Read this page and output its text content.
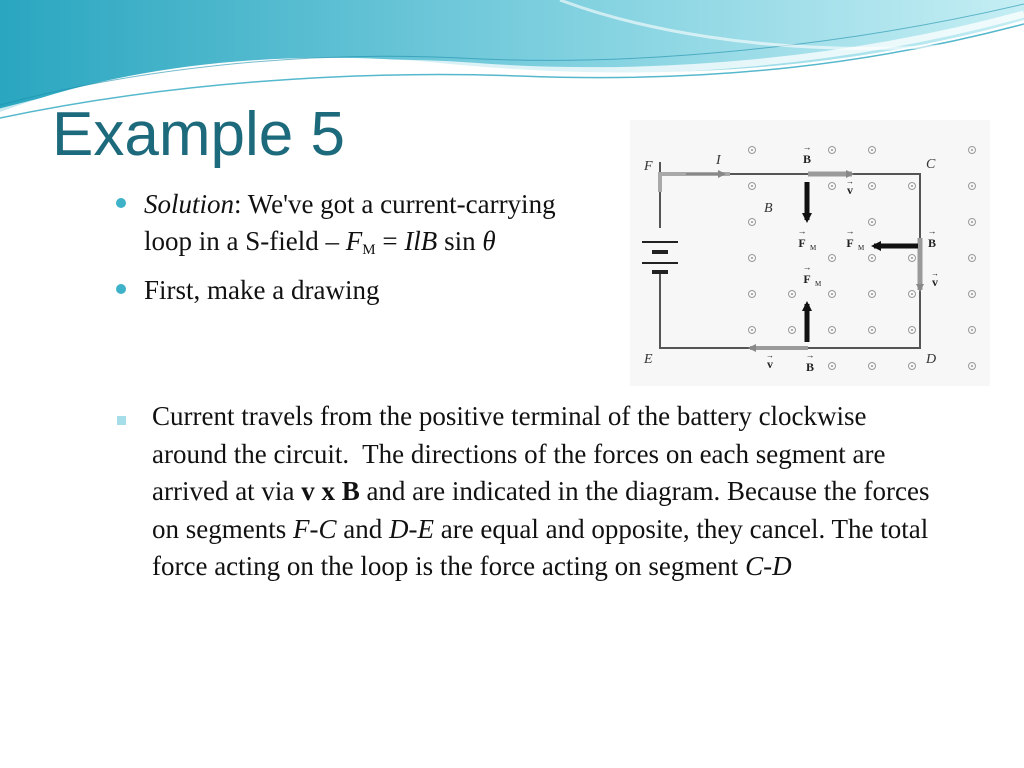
Example 5
Solution: We've got a current-carrying loop in a S-field – $F_M$ = IlB sin θ
First, make a drawing
F	C
D
E
I
B
→
B
→
v
→
F M
→
F M
→
B
→
v
→
F M
→
v
→
B
Current travels from the positive terminal of the battery clockwise around the circuit.  The directions of the forces on each segment are arrived at via v x B and are indicated in the diagram. Because the forces on segments F-C and D-E are equal and opposite, they cancel. The total force acting on the loop is the force acting on segment C-D
